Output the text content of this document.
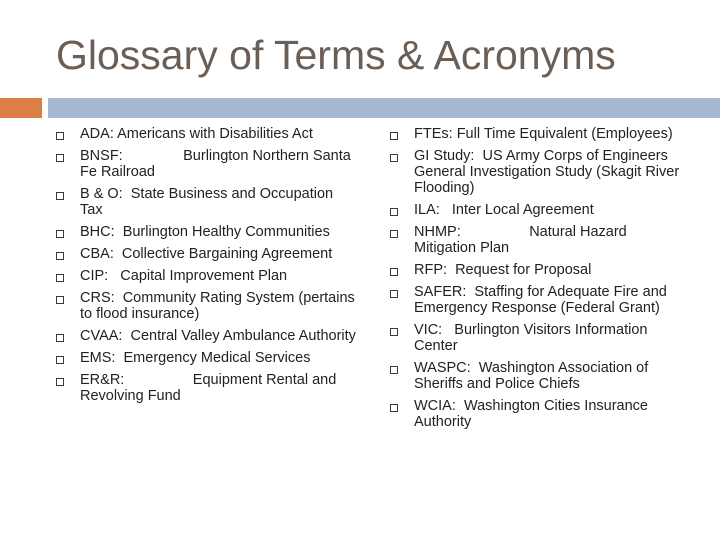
Glossary of Terms & Acronyms
ADA: Americans with Disabilities Act
BNSF:               Burlington Northern Santa Fe Railroad
B & O:  State Business and Occupation Tax
BHC:  Burlington Healthy Communities
CBA:  Collective Bargaining Agreement
CIP:   Capital Improvement Plan
CRS:  Community Rating System (pertains to flood insurance)
CVAA:  Central Valley Ambulance Authority
EMS:  Emergency Medical Services
ER&R:                 Equipment Rental and Revolving Fund
FTEs: Full Time Equivalent (Employees)
GI Study:  US Army Corps of Engineers General Investigation Study (Skagit River Flooding)
ILA:   Inter Local Agreement
NHMP:                 Natural Hazard Mitigation Plan
RFP:  Request for Proposal
SAFER:  Staffing for Adequate Fire and Emergency Response (Federal Grant)
VIC:   Burlington Visitors Information Center
WASPC:  Washington Association of Sheriffs and Police Chiefs
WCIA:  Washington Cities Insurance Authority
